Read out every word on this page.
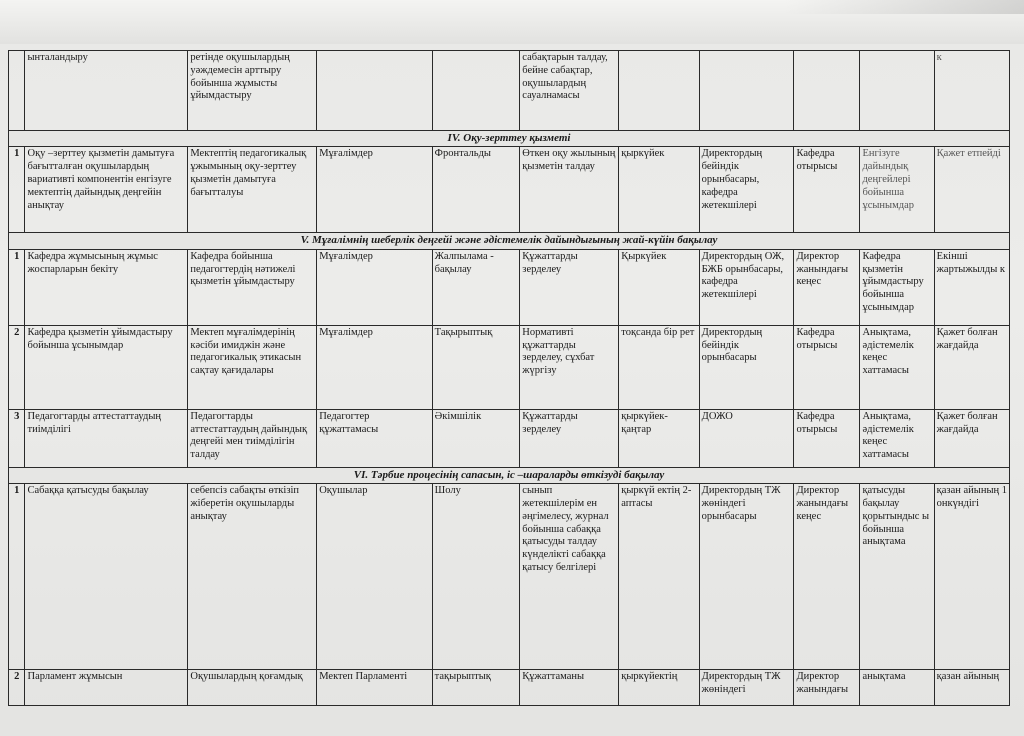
	ынталандыру	ретінде оқушылардың уәждемесін арттыру бойынша жұмысты ұйымдастыру			сабақтарын талдау, бейне сабақтар, оқушылардың сауалнамасы					к
IV. Оқу-зерттеу қызметі										
1	Оқу –зерттеу қызметін дамытуға бағытталған оқушылардың вариативті компонентін енгізуге мектептің дайындық деңгейін анықтау	Мектептің педагогикалық ұжымының оқу-зерттеу қызметін дамытуға бағытталуы	Мұғалімдер	Фронтальды	Өткен оқу жылының қызметін талдау	қыркүйек	Директордың бейіндік орынбасары, кафедра жетекшілері	Кафедра отырысы	Енгізуге дайындық деңгейлері бойынша ұсынымдар	Қажет етпейді
V. Мұғалімнің шеберлік деңгейі және әдістемелік дайындығының жай-күйін бақылау										
1	Кафедра жұмысының жұмыс жоспарларын бекіту	Кафедра бойынша педагогтердің нәтижелі қызметін ұйымдастыру	Мұғалімдер	Жалпылама - бақылау	Құжаттарды зерделеу	Қыркүйек	Директордың ОЖ, БЖБ орынбасары, кафедра жетекшілері	Директор жанындағы кеңес	Кафедра қызметін ұйымдастыру бойынша ұсынымдар	Екінші жартыжылды к
2	Кафедра қызметін ұйымдастыру бойынша ұсынымдар	Мектеп мұғалімдерінің кәсіби имиджін және педагогикалық этикасын сақтау қағидалары	Мұғалімдер	Тақырыптық	Нормативті құжаттарды зерделеу, сұхбат жүргізу	тоқсанда бір рет	Директордың бейіндік орынбасары	Кафедра отырысы	Анықтама, әдістемелік кеңес хаттамасы	Қажет болған жағдайда
3	Педагогтарды аттестаттаудың тиімділігі	Педагогтарды аттестаттаудың дайындық деңгейі мен тиімділігін талдау	Педагогтер құжаттамасы	Әкімшілік	Құжаттарды зерделеу	қыркүйек-қаңтар	ДОЖО	Кафедра отырысы	Анықтама, әдістемелік кеңес хаттамасы	Қажет болған жағдайда
VI. Тәрбие процесінің сапасын, іс –шараларды өткізуді бақылау										
1	Сабаққа қатысуды бақылау	себепсіз сабақты өткізіп жіберетін оқушыларды анықтау	Оқушылар	Шолу	сынып жетекшілерім ен әңгімелесу, журнал бойынша сабаққа қатысуды талдау күнделікті сабаққа қатысу белгілері	қыркүй ектің 2-аптасы	Директордың ТЖ жөніндегі орынбасары	Директор жанындағы кеңес	қатысуды бақылау қорытындыс ы бойынша анықтама	қазан айының 1 онкүндігі
2	Парламент жұмысын	Оқушылардың қоғамдық	Мектеп Парламенті	тақырыптық	Құжаттаманы	қыркүйектің	Директордың ТЖ жөніндегі	Директор жанындағы	анықтама	қазан айының
